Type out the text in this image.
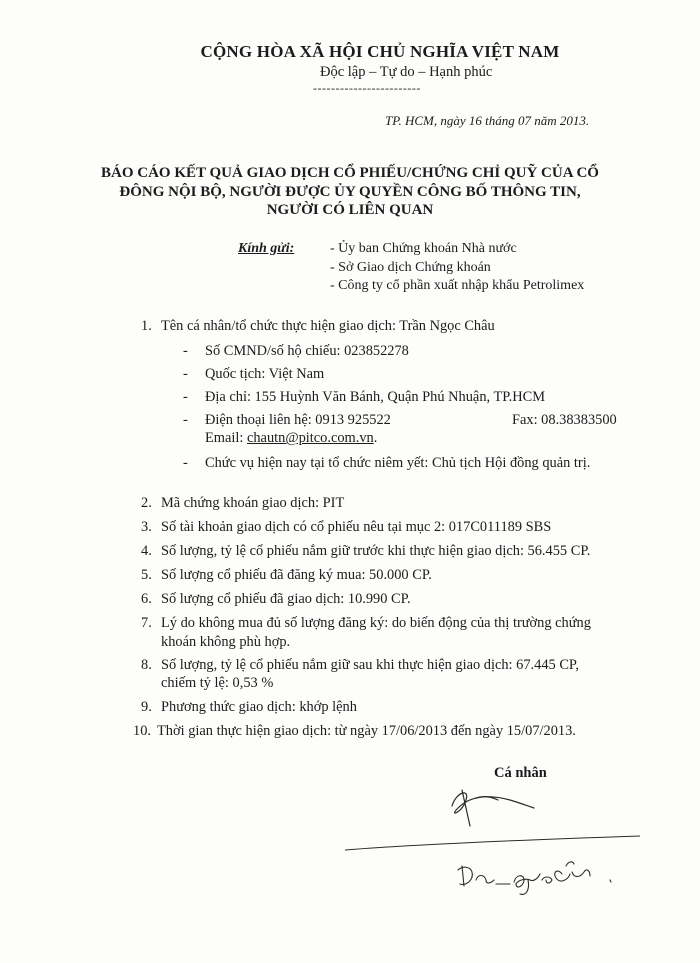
CỘNG HÒA XÃ HỘI CHỦ NGHĨA VIỆT NAM
Độc lập – Tự do – Hạnh phúc
------------------------
TP. HCM, ngày 16 tháng 07 năm 2013.
BÁO CÁO KẾT QUẢ GIAO DỊCH CỔ PHIẾU/CHỨNG CHỈ QUỸ CỦA CỔ
ĐÔNG NỘI BỘ, NGƯỜI ĐƯỢC ỦY QUYỀN CÔNG BỐ THÔNG TIN,
NGƯỜI CÓ LIÊN QUAN
Kính gửi:	- Ủy ban Chứng khoán Nhà nước
- Sở Giao dịch Chứng khoán
- Công ty cổ phần xuất nhập khẩu Petrolimex
1. Tên cá nhân/tổ chức thực hiện giao dịch: Trần Ngọc Châu
- Số CMND/số hộ chiếu: 023852278
- Quốc tịch: Việt Nam
- Địa chỉ: 155 Huỳnh Văn Bánh, Quận Phú Nhuận, TP.HCM
- Điện thoại liên hệ: 0913 925522	Fax: 08.38383500
Email: chautn@pitco.com.vn.
- Chức vụ hiện nay tại tổ chức niêm yết: Chủ tịch Hội đồng quản trị.
2. Mã chứng khoán giao dịch: PIT
3. Số tài khoản giao dịch có cổ phiếu nêu tại mục 2: 017C011189 SBS
4. Số lượng, tỷ lệ cổ phiếu nắm giữ trước khi thực hiện giao dịch: 56.455 CP.
5. Số lượng cổ phiếu đã đăng ký mua: 50.000 CP.
6. Số lượng cổ phiếu đã giao dịch: 10.990 CP.
7. Lý do không mua đủ số lượng đăng ký: do biến động của thị trường chứng
khoán không phù hợp.
8. Số lượng, tỷ lệ cổ phiếu nắm giữ sau khi thực hiện giao dịch: 67.445 CP,
chiếm tỷ lệ: 0,53 %
9. Phương thức giao dịch: khớp lệnh
10. Thời gian thực hiện giao dịch: từ ngày 17/06/2013 đến ngày 15/07/2013.
Cá nhân
